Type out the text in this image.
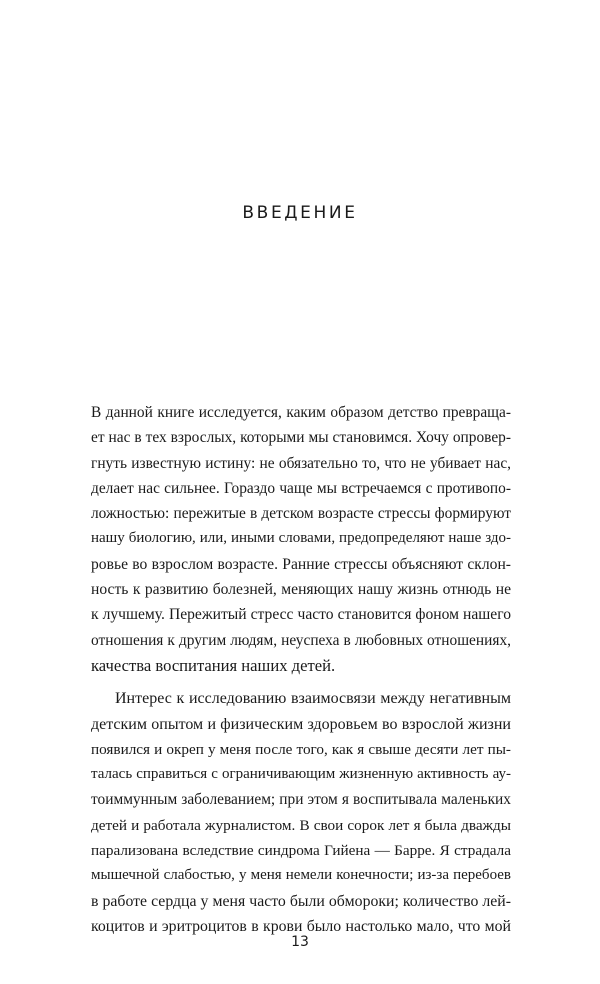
ВВЕДЕНИЕ
В данной книге исследуется, каким образом детство превраща-
ет нас в тех взрослых, которыми мы становимся. Хочу опровер-
гнуть известную истину: не обязательно то, что не убивает нас,
делает нас сильнее. Гораздо чаще мы встречаемся с противопо-
ложностью: пережитые в детском возрасте стрессы формируют
нашу биологию, или, иными словами, предопределяют наше здо-
ровье во взрослом возрасте. Ранние стрессы объясняют склон-
ность к развитию болезней, меняющих нашу жизнь отнюдь не
к лучшему. Пережитый стресс часто становится фоном нашего
отношения к другим людям, неуспеха в любовных отношениях,
качества воспитания наших детей.
Интерес к исследованию взаимосвязи между негативным
детским опытом и физическим здоровьем во взрослой жизни
появился и окреп у меня после того, как я свыше десяти лет пы-
талась справиться с ограничивающим жизненную активность ау-
тоиммунным заболеванием; при этом я воспитывала маленьких
детей и работала журналистом. В свои сорок лет я была дважды
парализована вследствие синдрома Гийена — Барре. Я страдала
мышечной слабостью, у меня немели конечности; из-за перебоев
в работе сердца у меня часто были обмороки; количество лей-
коцитов и эритроцитов в крови было настолько мало, что мой
13
